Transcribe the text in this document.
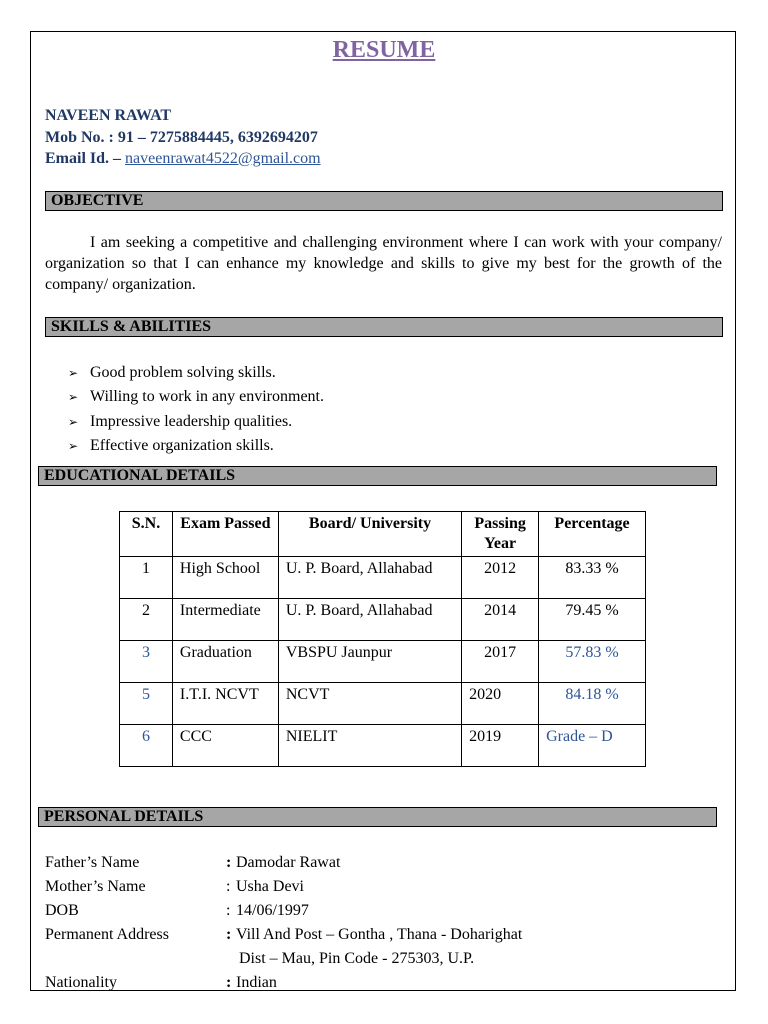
RESUME
NAVEEN RAWAT
Mob No. : 91 – 7275884445, 6392694207
Email Id. – naveenrawat4522@gmail.com
OBJECTIVE
I am seeking a competitive and challenging environment where I can work with your company/ organization so that I can enhance my knowledge and skills to give my best for the growth of the company/ organization.
SKILLS & ABILITIES
➢ Good problem solving skills.
➢ Willing to work in any environment.
➢ Impressive leadership qualities.
➢ Effective organization skills.
EDUCATIONAL DETAILS
S.N.	Exam Passed	Board/ University	Passing Year	Percentage
1	High School	U. P. Board, Allahabad	2012	83.33 %
2	Intermediate	U. P. Board, Allahabad	2014	79.45 %
3	Graduation	VBSPU Jaunpur	2017	57.83 %
5	I.T.I. NCVT	NCVT	2020	84.18 %
6	CCC	NIELIT	2019	Grade – D
PERSONAL DETAILS
Father’s Name	: Damodar Rawat
Mother’s Name	: Usha Devi
DOB	: 14/06/1997
Permanent Address	: Vill And Post – Gontha , Thana - Doharighat
Dist – Mau, Pin Code - 275303, U.P.
Nationality	: Indian
